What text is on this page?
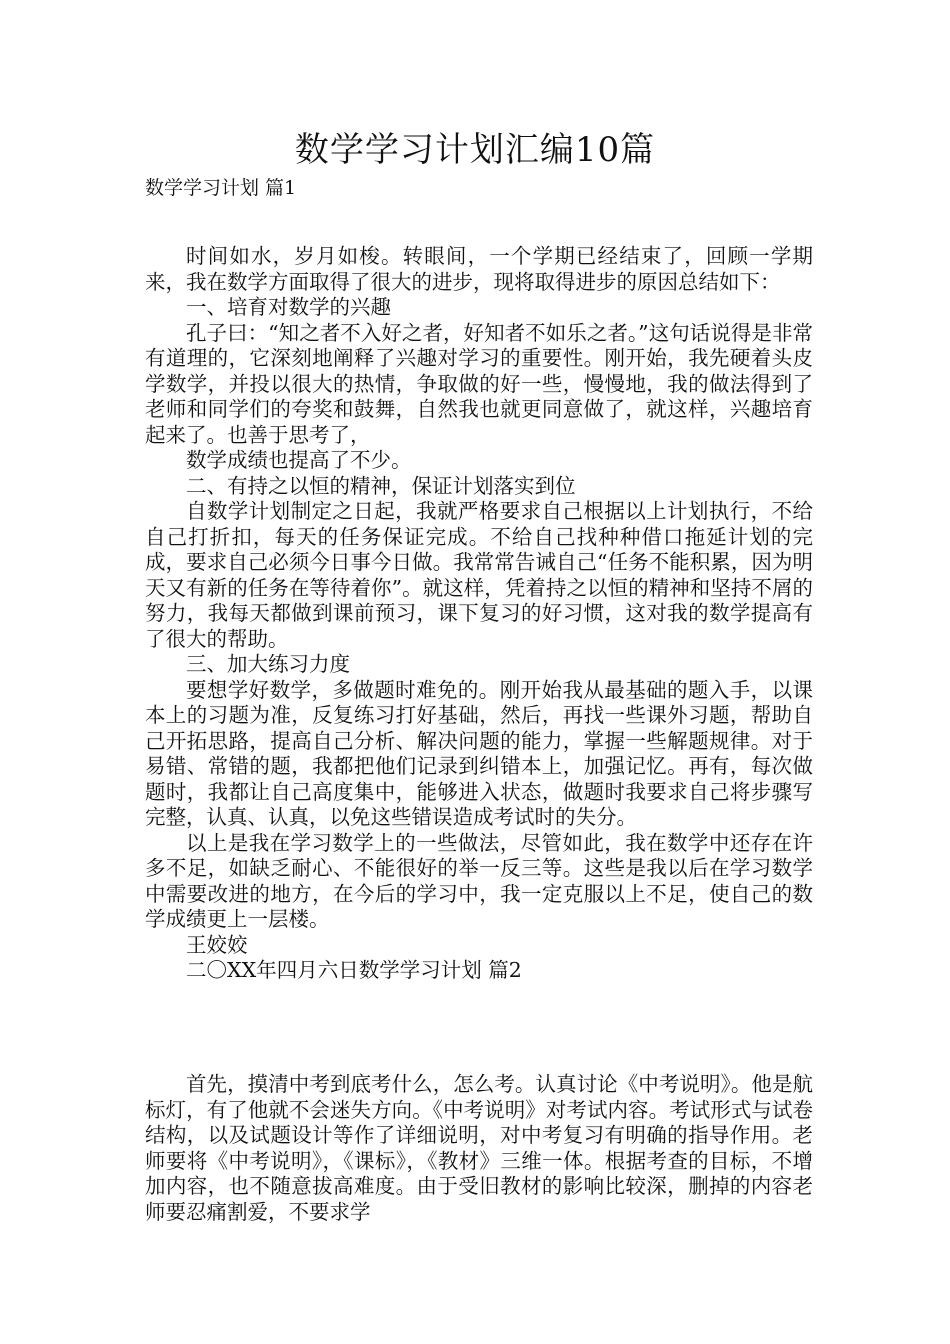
数学学习计划汇编10篇
数学学习计划 篇1

时间如水，岁月如梭。转眼间，一个学期已经结束了，回顾一学期来，我在数学方面取得了很大的进步，现将取得进步的原因总结如下：

一、培育对数学的兴趣

孔子曰：“知之者不入好之者，好知者不如乐之者。”这句话说得是非常有道理的，它深刻地阐释了兴趣对学习的重要性。刚开始，我先硬着头皮学数学，并投以很大的热情，争取做的好一些，慢慢地，我的做法得到了老师和同学们的夸奖和鼓舞，自然我也就更同意做了，就这样，兴趣培育起来了。也善于思考了，

数学成绩也提高了不少。

二、有持之以恒的精神，保证计划落实到位

自数学计划制定之日起，我就严格要求自己根据以上计划执行，不给自己打折扣，每天的任务保证完成。不给自己找种种借口拖延计划的完成，要求自己必须今日事今日做。我常常告诫自己“任务不能积累，因为明天又有新的任务在等待着你”。就这样，凭着持之以恒的精神和坚持不屑的努力，我每天都做到课前预习，课下复习的好习惯，这对我的数学提高有了很大的帮助。

三、加大练习力度

要想学好数学，多做题时难免的。刚开始我从最基础的题入手，以课本上的习题为准，反复练习打好基础，然后，再找一些课外习题，帮助自己开拓思路，提高自己分析、解决问题的能力，掌握一些解题规律。对于易错、常错的题，我都把他们记录到纠错本上，加强记忆。再有，每次做题时，我都让自己高度集中，能够进入状态，做题时我要求自己将步骤写完整，认真、认真，以免这些错误造成考试时的失分。

以上是我在学习数学上的一些做法，尽管如此，我在数学中还存在许多不足，如缺乏耐心、不能很好的举一反三等。这些是我以后在学习数学中需要改进的地方，在今后的学习中，我一定克服以上不足，使自己的数学成绩更上一层楼。

王姣姣

二〇XX年四月六日数学学习计划 篇2

首先，摸清中考到底考什么，怎么考。认真讨论《中考说明》。他是航标灯，有了他就不会迷失方向。《中考说明》对考试内容。考试形式与试卷结构，以及试题设计等作了详细说明，对中考复习有明确的指导作用。老师要将《中考说明》，《课标》，《教材》三维一体。根据考查的目标，不增加内容，也不随意拔高难度。由于受旧教材的影响比较深，删掉的内容老师要忍痛割爱，不要求学
